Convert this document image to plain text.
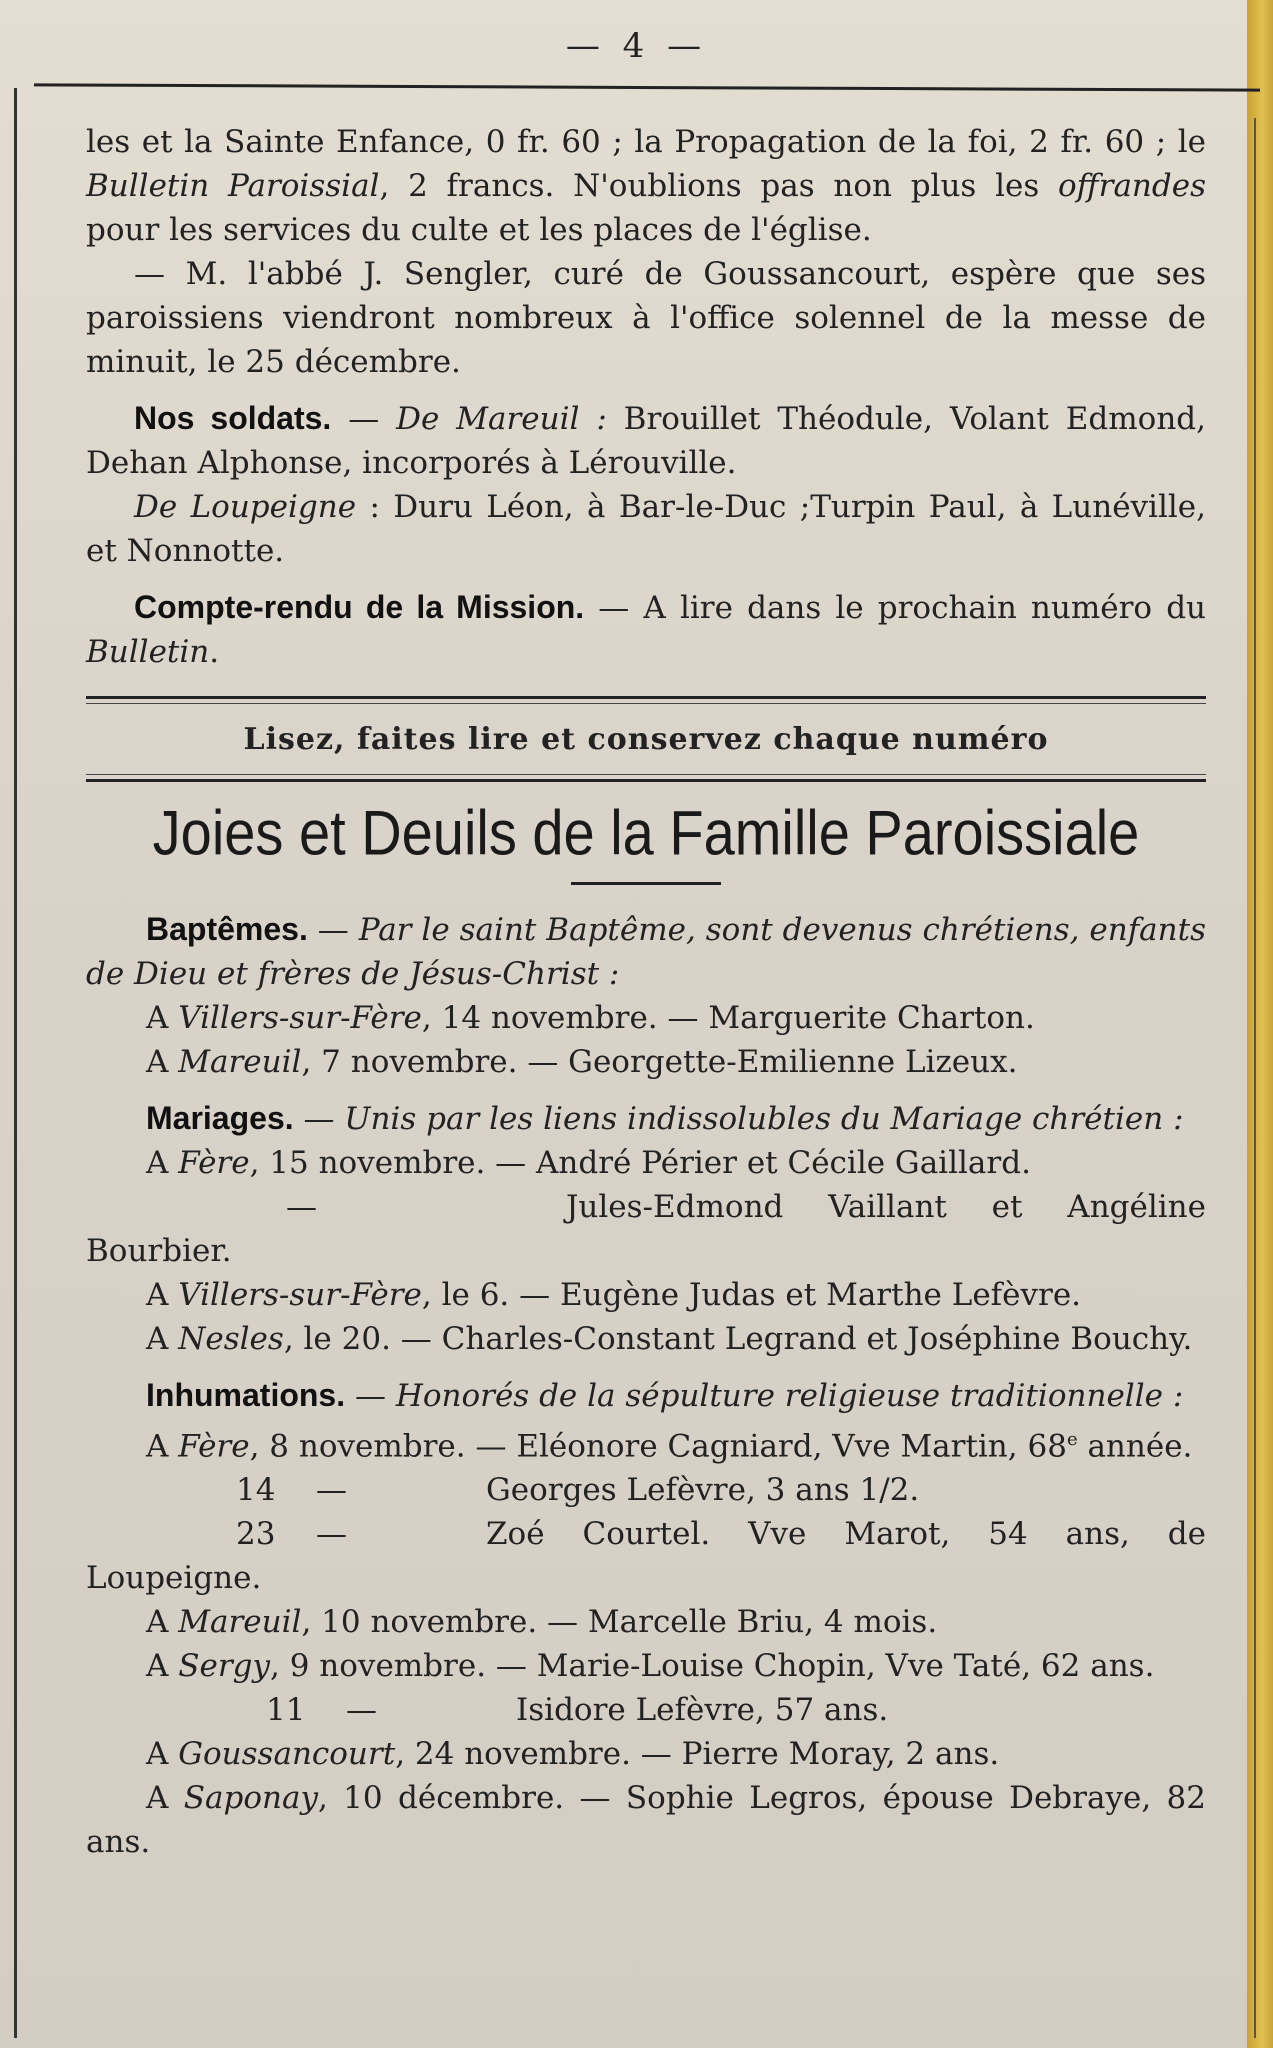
— 4 —

les et la Sainte Enfance, 0 fr. 60 ; la Propagation de la foi, 2 fr. 60 ; le Bulletin Paroissial, 2 francs. N'oublions pas non plus les offrandes pour les services du culte et les places de l'église.

— M. l'abbé J. Sengler, curé de Goussancourt, espère que ses paroissiens viendront nombreux à l'office solennel de la messe de minuit, le 25 décembre.

Nos soldats. — De Mareuil : Brouillet Théodule, Volant Edmond, Dehan Alphonse, incorporés à Lérouville.

De Loupeigne : Duru Léon, à Bar-le-Duc ;Turpin Paul, à Lunéville, et Nonnotte.

Compte-rendu de la Mission. — A lire dans le prochain numéro du Bulletin.

Lisez, faites lire et conservez chaque numéro
Joies et Deuils de la Famille Paroissiale

Baptêmes. — Par le saint Baptême, sont devenus chrétiens, enfants de Dieu et frères de Jésus-Christ :

A Villers-sur-Fère, 14 novembre. — Marguerite Charton.

A Mareuil, 7 novembre. — Georgette-Emilienne Lizeux.

Mariages. — Unis par les liens indissolubles du Mariage chrétien :

A Fère, 15 novembre. — André Périer et Cécile Gaillard.

—	Jules-Edmond Vaillant et Angéline Bourbier.

A Villers-sur-Fère, le 6. — Eugène Judas et Marthe Lefèvre.

A Nesles, le 20. — Charles-Constant Legrand et Joséphine Bouchy.

Inhumations. — Honorés de la sépulture religieuse traditionnelle :

A Fère, 8 novembre. — Eléonore Cagniard, Vve Martin, 68e année.

14 —	Georges Lefèvre, 3 ans 1/2.

23 —	Zoé Courtel. Vve Marot, 54 ans, de Loupeigne.

A Mareuil, 10 novembre. — Marcelle Briu, 4 mois.

A Sergy, 9 novembre. — Marie-Louise Chopin, Vve Taté, 62 ans.

11 —	Isidore Lefèvre, 57 ans.

A Goussancourt, 24 novembre. — Pierre Moray, 2 ans.

A Saponay, 10 décembre. — Sophie Legros, épouse Debraye, 82 ans.
